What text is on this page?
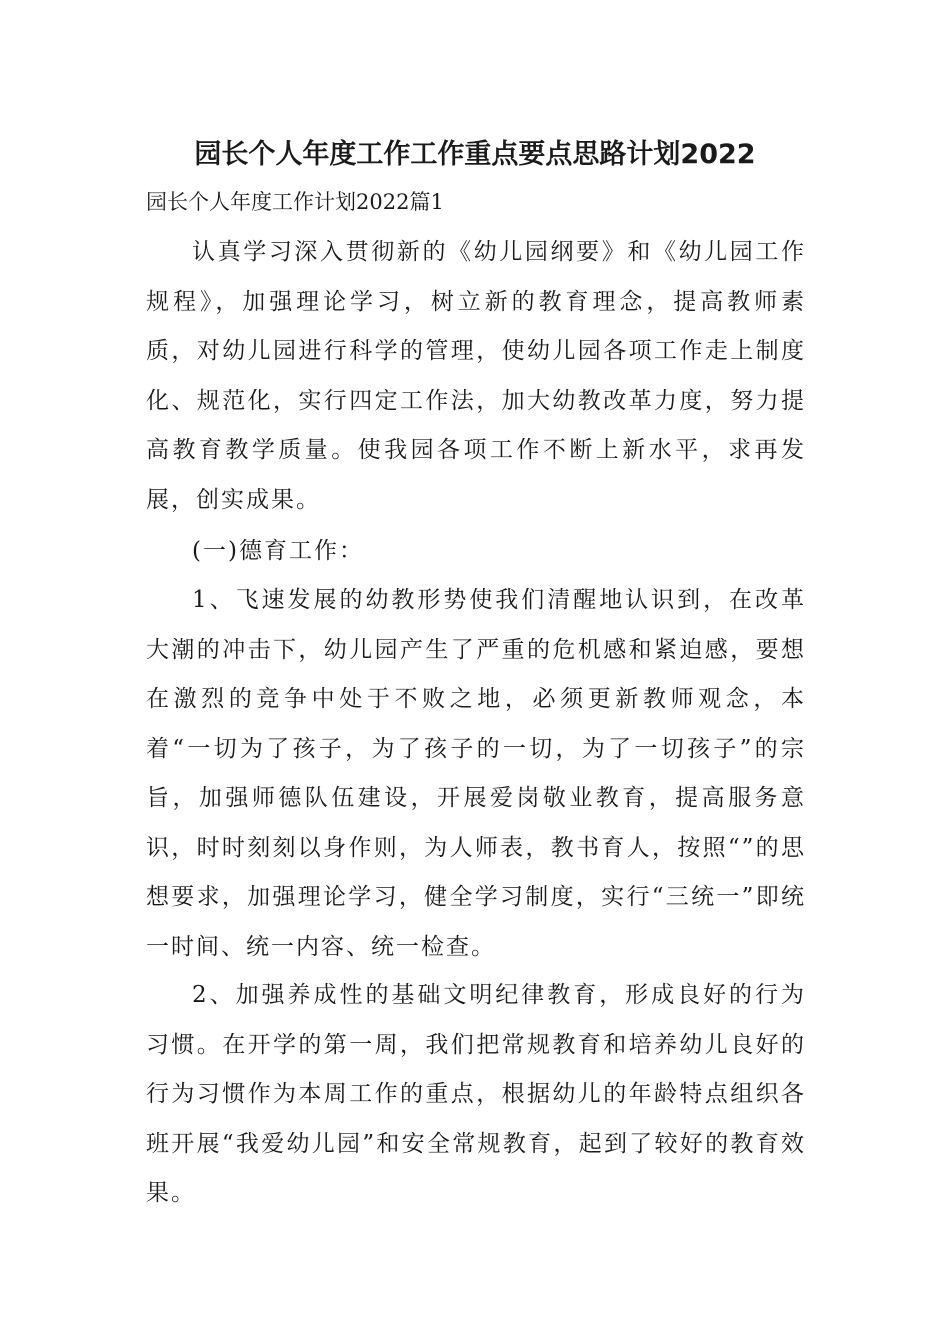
园长个人年度工作工作重点要点思路计划2022

园长个人年度工作计划2022篇1

认真学习深入贯彻新的《幼儿园纲要》和《幼儿园工作规程》，加强理论学习，树立新的教育理念，提高教师素质，对幼儿园进行科学的管理，使幼儿园各项工作走上制度化、规范化，实行四定工作法，加大幼教改革力度，努力提高教育教学质量。使我园各项工作不断上新水平，求再发展，创实成果。

(一)德育工作：

1、飞速发展的幼教形势使我们清醒地认识到，在改革大潮的冲击下，幼儿园产生了严重的危机感和紧迫感，要想在激烈的竞争中处于不败之地，必须更新教师观念，本着“一切为了孩子，为了孩子的一切，为了一切孩子”的宗旨，加强师德队伍建设，开展爱岗敬业教育，提高服务意识，时时刻刻以身作则，为人师表，教书育人，按照“”的思想要求，加强理论学习，健全学习制度，实行“三统一”即统一时间、统一内容、统一检查。

2、加强养成性的基础文明纪律教育，形成良好的行为习惯。在开学的第一周，我们把常规教育和培养幼儿良好的行为习惯作为本周工作的重点，根据幼儿的年龄特点组织各班开展“我爱幼儿园”和安全常规教育，起到了较好的教育效果。
